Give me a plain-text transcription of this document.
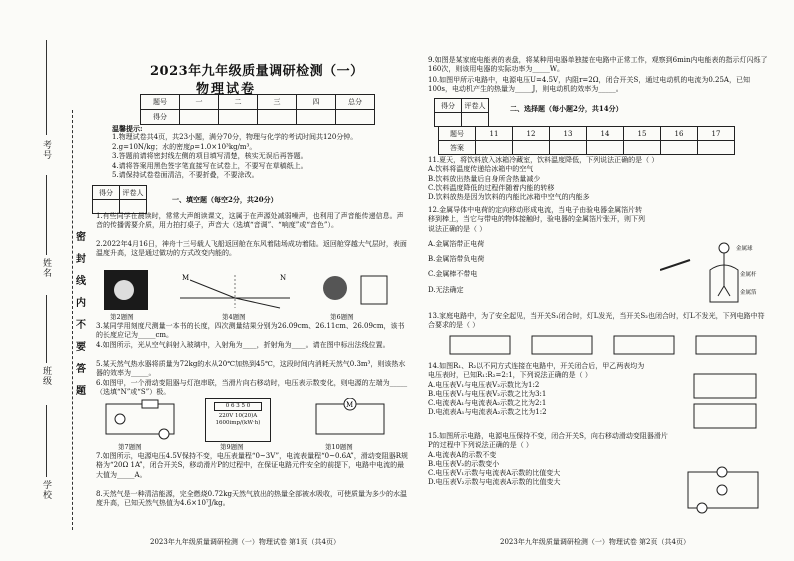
考号
姓名
班级
学校
密
封
线
内
不
要
答
题
2023年九年级质量调研检测（一）
物理试卷
题号	一	二	三	四	总分
得分					
温馨提示:
1.物理试卷共4页，共23小题，满分70分，物理与化学的考试时间共120分钟。
2.g=10N/kg；水的密度ρ=1.0×10³kg/m³。
3.答题前请将密封线左侧的项目填写清楚，核实无误后再答题。
4.请将答案用黑色签字笔直接写在试卷上，不要写在草稿纸上。
5.请保持试卷卷面清洁，不要折叠，不要涂改。
得分	评卷人

一、填空题（每空2分，共20分）
1.有些同学在晨读时，常常大声朗读课文，这属于在声源处减弱噪声，也利用了声音能传递信息。声音的传播需要介质，用力拍打桌子，声音大（选填“音调”、“响度”或“音色”）。
2.2022年4月16日，神舟十三号载人飞船返回舱在东风着陆场成功着陆。返回舱穿越大气层时，表面温度升高，这是通过做功的方式改变内能的。
第2题图
M	N
第4题图	第6题图
3.某同学用刻度尺测量一本书的长度，四次测量结果分别为26.09cm、26.11cm、26.09cm，该书的长度应记为_____cm。
4.如图所示，光从空气斜射入玻璃中，入射角为____，折射角为____。请在图中标出法线位置。
5.某天然气热水器将质量为72kg的水从20℃加热到45℃，这段时间内消耗天然气0.3m³，则该热水器的效率为_____。
6.如图甲，一个滑动变阻器与灯泡串联，当滑片向右移动时，电压表示数变化，则电源的左端为_____（选填“N”或“S”）极。
第7题图
0 6 3 5 0
220V 10(20)A
1600imp/(kW·h)
第9题图
M
第10题图
7.如图所示，电源电压4.5V保持不变，电压表量程“0~3V”，电流表量程“0~0.6A”，滑动变阻器R规格为“20Ω 1A”，闭合开关S，移动滑片P的过程中，在保证电路元件安全的前提下，电路中电流的最大值为_____A。
8.天然气是一种清洁能源，完全燃烧0.72kg天然气放出的热量全部被水吸收，可使质量为多少的水温度升高，已知天然气热值为4.6×10⁷J/kg。
2023年九年级质量调研检测（一）物理试卷 第1页（共4页）
9.如图是某家庭电能表的表盘，将某种用电器单独接在电路中正常工作，观察到6min内电能表的指示灯闪烁了160次，则该用电器的实际功率为_____W。
10.如图甲所示电路中，电源电压U=4.5V，内阻r=2Ω，闭合开关S，通过电动机的电流为0.25A，已知100s，电动机产生的热量为_____J，则电动机的效率为_____。
得分	评卷人
		二、选择题（每小题2分，共14分）
题号	11	12	13	14	15	16	17
答案							
11.夏天，将饮料放入冰箱冷藏室，饮料温度降低，下列说法正确的是（ ）
A.饮料将温度传递给冰箱中的空气
B.饮料放出热量后自身所含热量减少
C.饮料温度降低的过程伴随着内能的转移
D.饮料放热是因为饮料的内能比冰箱中空气的内能多
12.金属导体中电荷的定向移动形成电流，当电子由验电器金属箔片转移到棒上，当它与带电的物体接触时，验电器的金属箔片张开，则下列说法正确的是（ ）
A.金属箔带正电荷
B.金属箔带负电荷
C.金属棒不带电
D.无法确定
金属球
金属杆
金属箔
13.家庭电路中，为了安全起见，当开关S₁闭合时，灯L发光，当开关S₂也闭合时，灯L不发光，下列电路中符合要求的是（ ）
14.如图R₁、R₂以不同方式连接在电路中，开关闭合后，甲乙两表均为电压表时，已知R₁:R₂=2:1，下列说法正确的是（ ）
A.电压表V₁与电压表V₂示数比为1:2
B.电压表V₁与电压表V₂示数之比为3:1
C.电流表A₁与电流表A₂示数之比为2:1
D.电流表A₁与电流表A₂示数之比为1:2
15.如图所示电路，电源电压保持不变，闭合开关S，向右移动滑动变阻器滑片P的过程中下列说法正确的是（ ）
A.电流表A的示数不变
B.电压表V₂的示数变小
C.电压表V₁示数与电流表A示数的比值变大
D.电压表V₂示数与电流表A示数的比值变大
2023年九年级质量调研检测（一）物理试卷 第2页（共4页）
